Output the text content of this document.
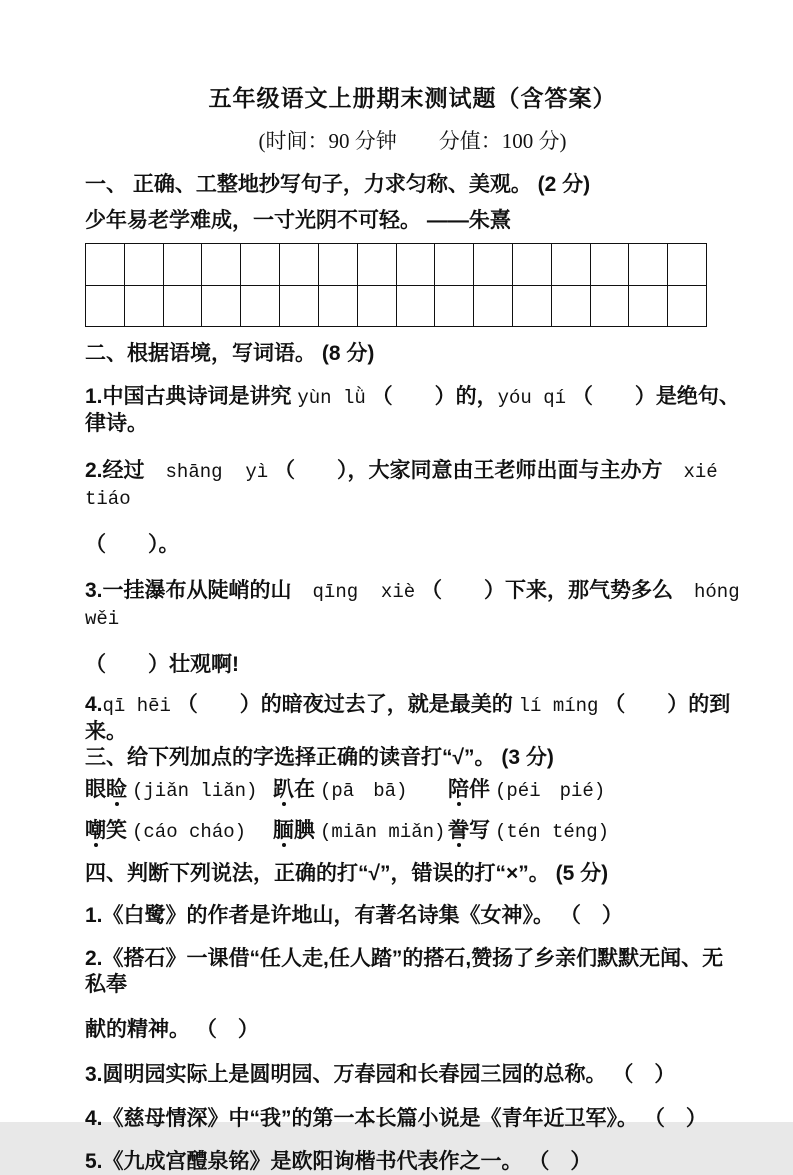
五年级语文上册期末测试题（含答案）
(时间：90 分钟　　分值：100 分)
一、 正确、工整地抄写句子，力求匀称、美观。 (2 分)
少年易老学难成，一寸光阴不可轻。 ——朱熹
二、根据语境，写词语。 (8 分)
1.中国古典诗词是讲究 yùn lǜ （　　）的，yóu qí （　　）是绝句、律诗。
2.经过　shāng  yì （　　），大家同意由王老师出面与主办方　xié  tiáo
（　　）。
3.一挂瀑布从陡峭的山　qīng  xiè （　　）下来，那气势多么　hóng  wěi
（　　）壮观啊!
4.qī hēi （　　）的暗夜过去了，就是最美的 lí míng （　　）的到来。
三、给下列加点的字选择正确的读音打“√”。 (3 分)
眼睑 (jiǎn liǎn) 趴在 (pā　bā)	陪伴 (péi　pié)
嘲笑 (cáo cháo)	腼腆 (miān miǎn) 誊写 (tén téng)
四、判断下列说法，正确的打“√”，错误的打“×”。 (5 分)
1.《白鹭》的作者是许地山，有著名诗集《女神》。 （　）
2.《搭石》一课借“任人走,任人踏”的搭石,赞扬了乡亲们默默无闻、无私奉
献的精神。 （　）
3.圆明园实际上是圆明园、万春园和长春园三园的总称。 （　）
4.《慈母情深》中“我”的第一本长篇小说是《青年近卫军》。 （　）
5.《九成宫醴泉铭》是欧阳询楷书代表作之一。 （　）
